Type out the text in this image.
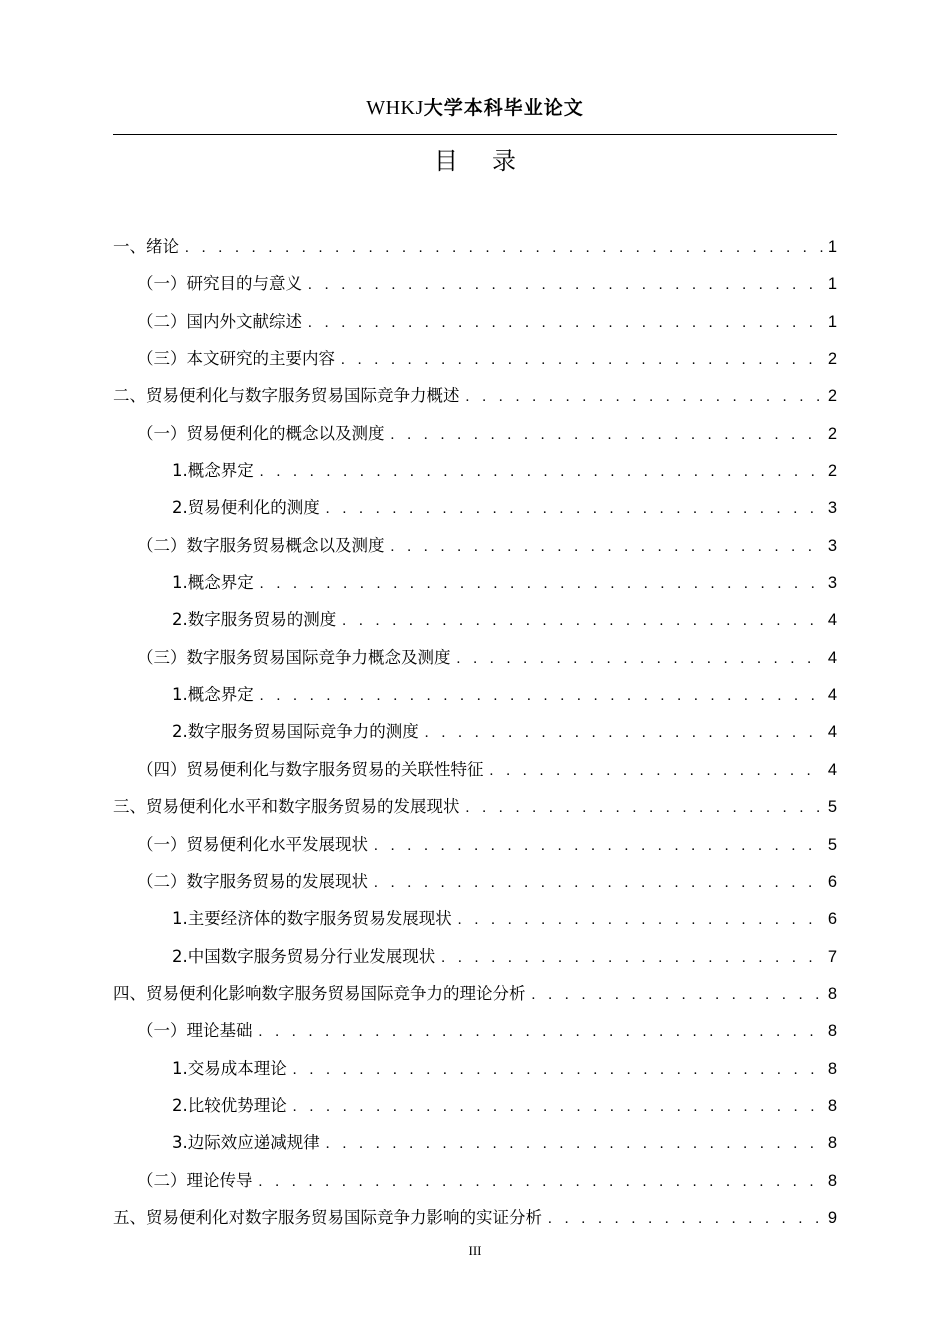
WHKJ大学本科毕业论文
目录
一、绪论 . . .	1
（一）研究目的与意义 . . .	1
（二）国内外文献综述 . . .	1
（三）本文研究的主要内容 . . .	2
二、贸易便利化与数字服务贸易国际竞争力概述 . . .	2
（一）贸易便利化的概念以及测度 . . .	2
1.概念界定 . . .	2
2.贸易便利化的测度 . . .	3
（二）数字服务贸易概念以及测度 . . .	3
1.概念界定 . . .	3
2.数字服务贸易的测度 . . .	4
（三）数字服务贸易国际竞争力概念及测度 . . .	4
1.概念界定 . . .	4
2.数字服务贸易国际竞争力的测度 . . .	4
（四）贸易便利化与数字服务贸易的关联性特征 . . .	4
三、贸易便利化水平和数字服务贸易的发展现状 . . .	5
（一）贸易便利化水平发展现状 . . .	5
（二）数字服务贸易的发展现状 . . .	6
1.主要经济体的数字服务贸易发展现状 . . .	6
2.中国数字服务贸易分行业发展现状 . . .	7
四、贸易便利化影响数字服务贸易国际竞争力的理论分析 . . .	8
（一）理论基础 . . .	8
1.交易成本理论 . . .	8
2.比较优势理论 . . .	8
3.边际效应递减规律 . . .	8
（二）理论传导 . . .	8
五、贸易便利化对数字服务贸易国际竞争力影响的实证分析 . . .	9
III
